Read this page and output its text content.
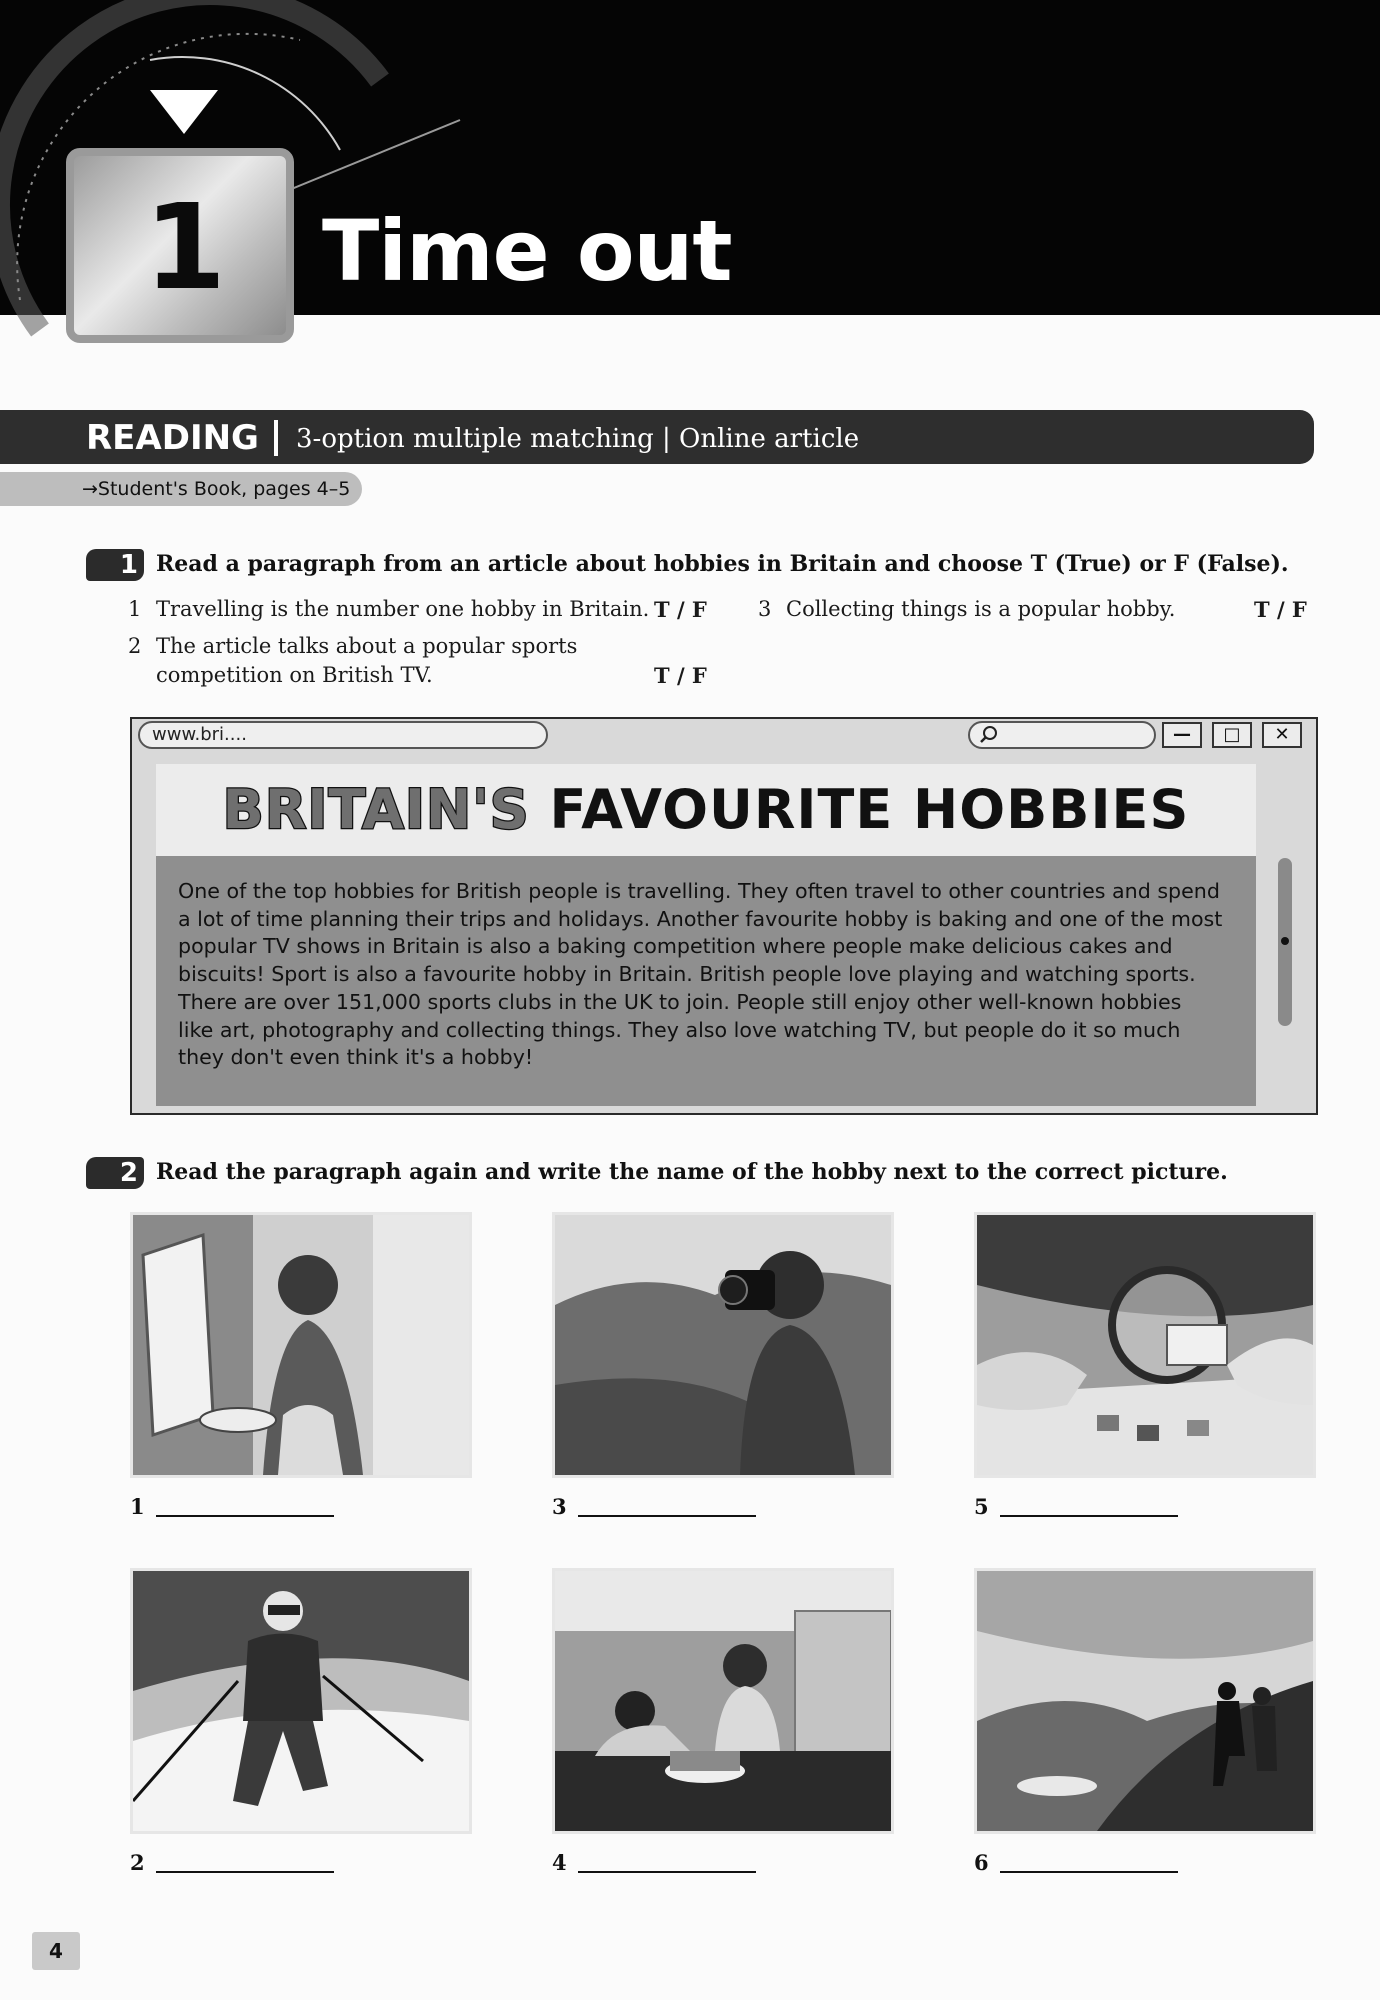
1 Time out
READING 3-option multiple matching | Online article
→Student's Book, pages 4–5
1 Read a paragraph from an article about hobbies in Britain and choose T (True) or F (False).
1 Travelling is the number one hobby in Britain. T / F
2 The article talks about a popular sports
competition on British TV.	T / F
3 Collecting things is a popular hobby.	T / F
www.bri....	—	□	✕
BRITAIN'S FAVOURITE HOBBIES
One of the top hobbies for British people is travelling. They often travel to other countries and spend
a lot of time planning their trips and holidays. Another favourite hobby is baking and one of the most
popular TV shows in Britain is also a baking competition where people make delicious cakes and
biscuits! Sport is also a favourite hobby in Britain. British people love playing and watching sports.
There are over 151,000 sports clubs in the UK to join. People still enjoy other well-known hobbies
like art, photography and collecting things. They also love watching TV, but people do it so much
they don't even think it's a hobby!
2 Read the paragraph again and write the name of the hobby next to the correct picture.
1	3	5
2	4	6
4
